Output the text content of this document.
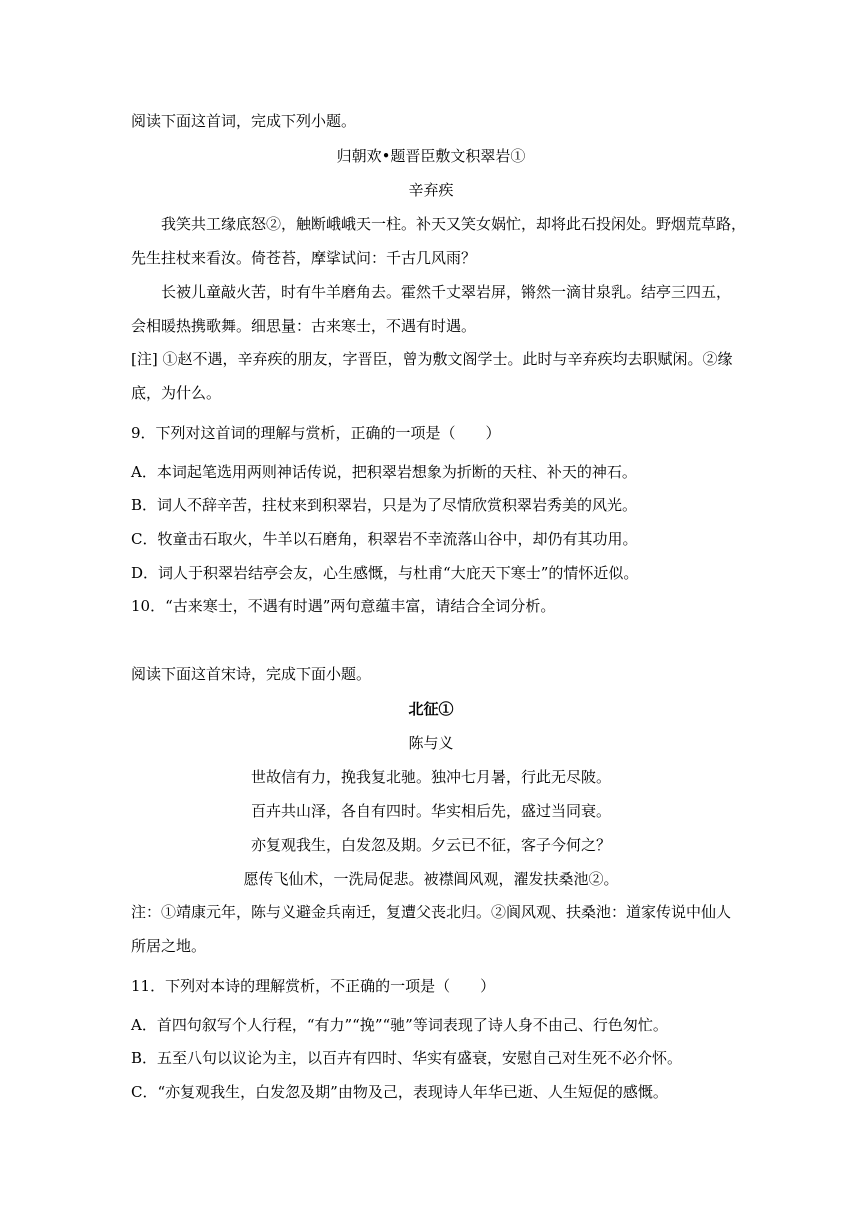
阅读下面这首词，完成下列小题。
归朝欢•题晋臣敷文积翠岩①
辛弃疾
我笑共工缘底怒②，触断峨峨天一柱。补天又笑女娲忙，却将此石投闲处。野烟荒草路，
先生拄杖来看汝。倚苍苔，摩挲试问：千古几风雨？
长被儿童敲火苦，时有牛羊磨角去。霍然千丈翠岩屏，锵然一滴甘泉乳。结亭三四五，
会相暖热携歌舞。细思量：古来寒士，不遇有时遇。
[注] ①赵不遇，辛弃疾的朋友，字晋臣，曾为敷文阁学士。此时与辛弃疾均去职赋闲。②缘
底，为什么。
9．下列对这首词的理解与赏析，正确的一项是（　　）
A．本词起笔选用两则神话传说，把积翠岩想象为折断的天柱、补天的神石。
B．词人不辞辛苦，拄杖来到积翠岩，只是为了尽情欣赏积翠岩秀美的风光。
C．牧童击石取火，牛羊以石磨角，积翠岩不幸流落山谷中，却仍有其功用。
D．词人于积翠岩结亭会友，心生感慨，与杜甫“大庇天下寒士”的情怀近似。
10．“古来寒士，不遇有时遇”两句意蕴丰富，请结合全词分析。
阅读下面这首宋诗，完成下面小题。
北征①
陈与义
世故信有力，挽我复北驰。独冲七月暑，行此无尽陂。
百卉共山泽，各自有四时。华实相后先，盛过当同衰。
亦复观我生，白发忽及期。夕云已不征，客子今何之？
愿传飞仙术，一洗局促悲。被襟阊风观，濯发扶桑池②。
注：①靖康元年，陈与义避金兵南迁，复遭父丧北归。②阆风观、扶桑池：道家传说中仙人
所居之地。
11．下列对本诗的理解赏析，不正确的一项是（　　）
A．首四句叙写个人行程，“有力”“挽”“驰”等词表现了诗人身不由己、行色匆忙。
B．五至八句以议论为主，以百卉有四时、华实有盛衰，安慰自己对生死不必介怀。
C．“亦复观我生，白发忽及期”由物及己，表现诗人年华已逝、人生短促的感慨。
